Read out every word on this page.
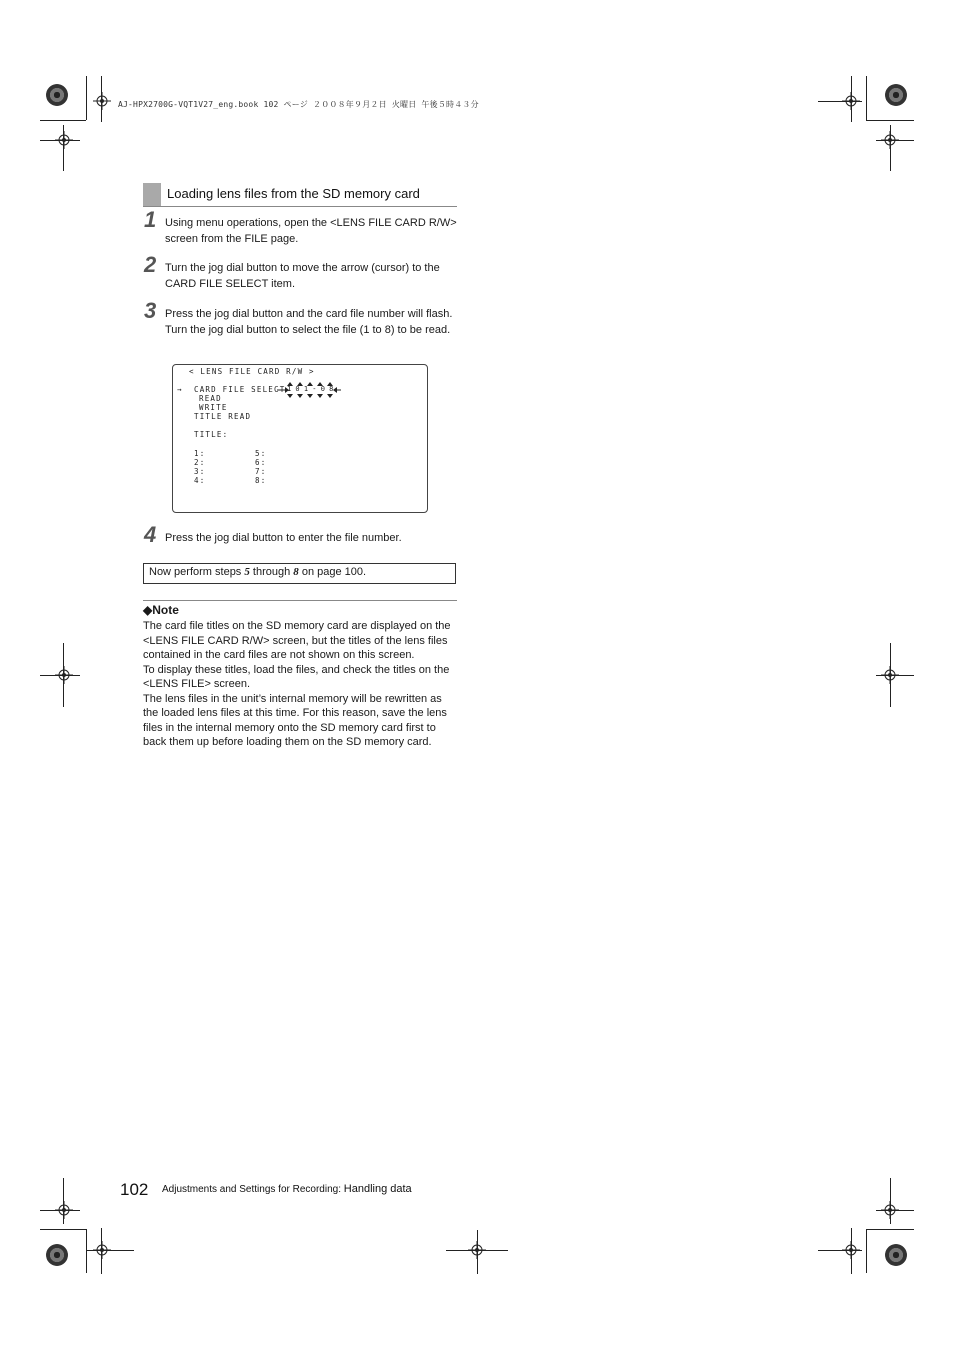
AJ-HPX2700G-VQT1V27_eng.book 102 ページ ２００８年９月２日 火曜日 午後５時４３分
Loading lens files from the SD memory card
1 Using menu operations, open the <LENS FILE CARD R/W> screen from the FILE page.
2 Turn the jog dial button to move the arrow (cursor) to the CARD FILE SELECT item.
3 Press the jog dial button and the card file number will flash. Turn the jog dial button to select the file (1 to 8) to be read.
< LENS FILE CARD R/W >
→ CARD FILE SELECT 1 0 1 - 0 8
READ
WRITE
TITLE READ
TITLE:
1:
2:
3:
4:
5:
6:
7:
8:
4 Press the jog dial button to enter the file number.
Now perform steps 5 through 8 on page 100.
◆Note

The card file titles on the SD memory card are displayed on the <LENS FILE CARD R/W> screen, but the titles of the lens files contained in the card files are not shown on this screen.

To display these titles, load the files, and check the titles on the <LENS FILE> screen.

The lens files in the unit’s internal memory will be rewritten as the loaded lens files at this time. For this reason, save the lens files in the internal memory onto the SD memory card first to back them up before loading them on the SD memory card.

102 Adjustments and Settings for Recording: Handling data
